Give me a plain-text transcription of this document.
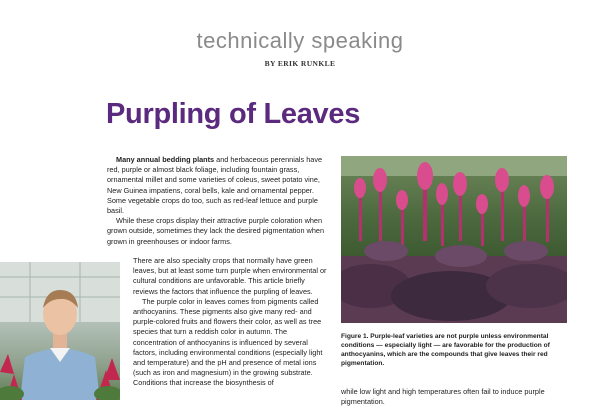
technically speaking
BY ERIK RUNKLE
Purpling of Leaves

Many annual bedding plants and herbaceous perennials have red, purple or almost black foliage, including fountain grass, ornamental millet and some varieties of coleus, sweet potato vine, New Guinea impatiens, coral bells, kale and ornamental pepper. Some vegetable crops do too, such as red-leaf lettuce and purple basil.

While these crops display their attractive purple coloration when grown outside, sometimes they lack the desired pigmentation when grown in greenhouses or indoor farms.

There are also specialty crops that normally have green leaves, but at least some turn purple when environmental or cultural conditions are unfavorable. This article briefly reviews the factors that influence the purpling of leaves.

The purple color in leaves comes from pigments called anthocyanins. These pigments also give many red- and purple-colored fruits and flowers their color, as well as tree species that turn a reddish color in autumn. The concentration of anthocyanins is influenced by several factors, including environmental conditions (especially light and temperature) and the pH and presence of metal ions (such as iron and magnesium) in the growing substrate. Conditions that increase the biosynthesis of

Figure 1. Purple-leaf varieties are not purple unless environmental conditions — especially light — are favorable for the production of anthocyanins, which are the compounds that give leaves their red pigmentation.

while low light and high temperatures often fail to induce purple pigmentation.
